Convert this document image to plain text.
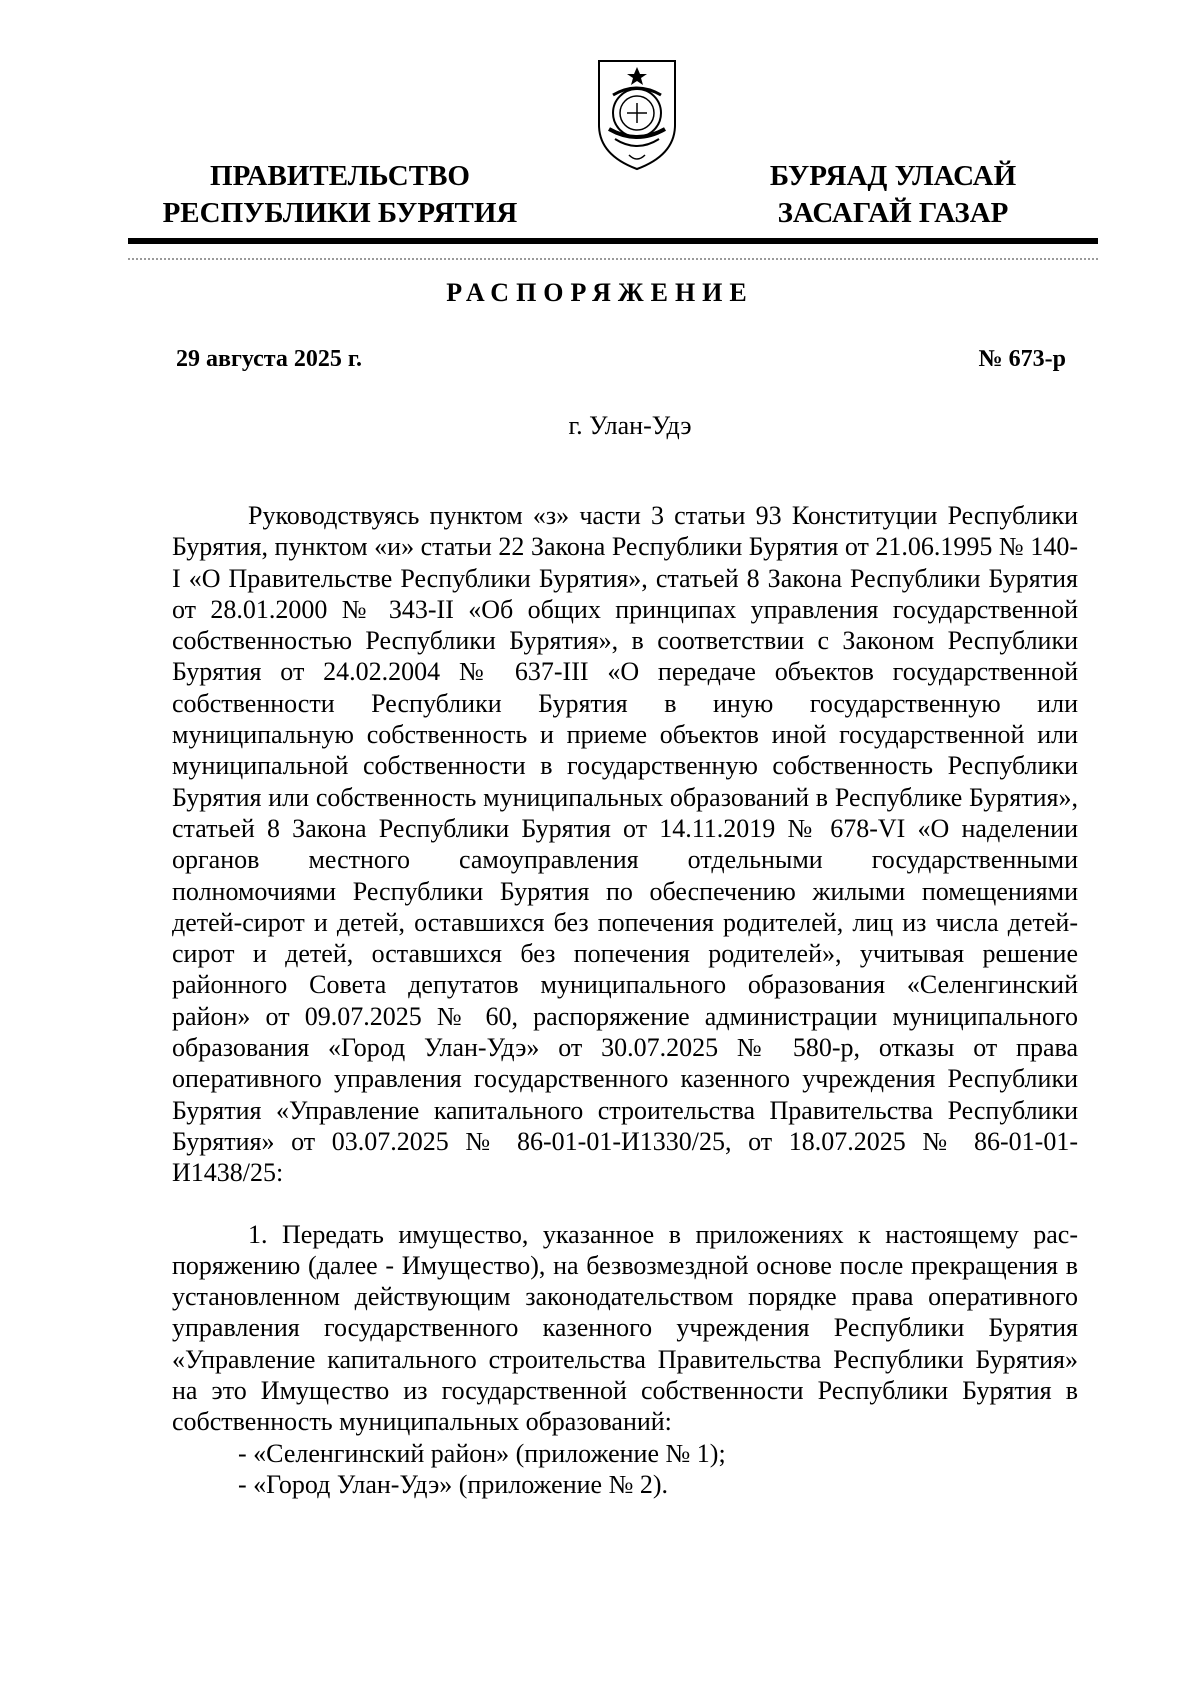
ПРАВИТЕЛЬСТВО
РЕСПУБЛИКИ БУРЯТИЯ
БУРЯАД УЛАСАЙ
ЗАСАГАЙ ГАЗАР
РАСПОРЯЖЕНИЕ
29 августа 2025 г.	№ 673-р
г. Улан-Удэ

Руководствуясь пунктом «з» части 3 статьи 93 Конституции Республики Бурятия, пунктом «и» статьи 22 Закона Республики Бурятия от 21.06.1995 № 140-I «О Правительстве Республики Бурятия», статьей 8 Закона Республики Бурятия от 28.01.2000 № 343-II «Об общих принципах управления государственной собственностью Республики Бурятия», в соответствии с Законом Республики Бурятия от 24.02.2004 № 637-III «О передаче объектов государственной собственности Республики Бурятия в иную государственную или муниципальную собственность и приеме объектов иной государственной или муниципальной собственности в государственную собственность Республики Бурятия или собственность муниципальных образований в Республике Бурятия», статьей 8 Закона Республики Бурятия от 14.11.2019 № 678-VI «О наделении органов местного самоуправления отдельными государственными полномочиями Республики Бурятия по обеспечению жилыми помещениями детей-сирот и детей, оставшихся без попечения родителей, лиц из числа детей-сирот и детей, оставшихся без попечения родителей», учитывая решение районного Совета депутатов муниципального образования «Селенгинский район» от 09.07.2025 № 60, распоряжение администрации муниципального образования «Город Улан-Удэ» от 30.07.2025 № 580-р, отказы от права оперативного управления государственного казенного учреждения Республики Бурятия «Управление капитального строительства Правительства Республики Бурятия» от 03.07.2025 № 86-01-01-И1330/25, от 18.07.2025 № 86-01-01-И1438/25:

1. Передать имущество, указанное в приложениях к настоящему распоряжению (далее - Имущество), на безвозмездной основе после прекращения в установленном действующим законодательством порядке права оперативного управления государственного казенного учреждения Республики Бурятия «Управление капитального строительства Правительства Республики Бурятия» на это Имущество из государственной собственности Республики Бурятия в собственность муниципальных образований:

- «Селенгинский район» (приложение № 1);
- «Город Улан-Удэ» (приложение № 2).
